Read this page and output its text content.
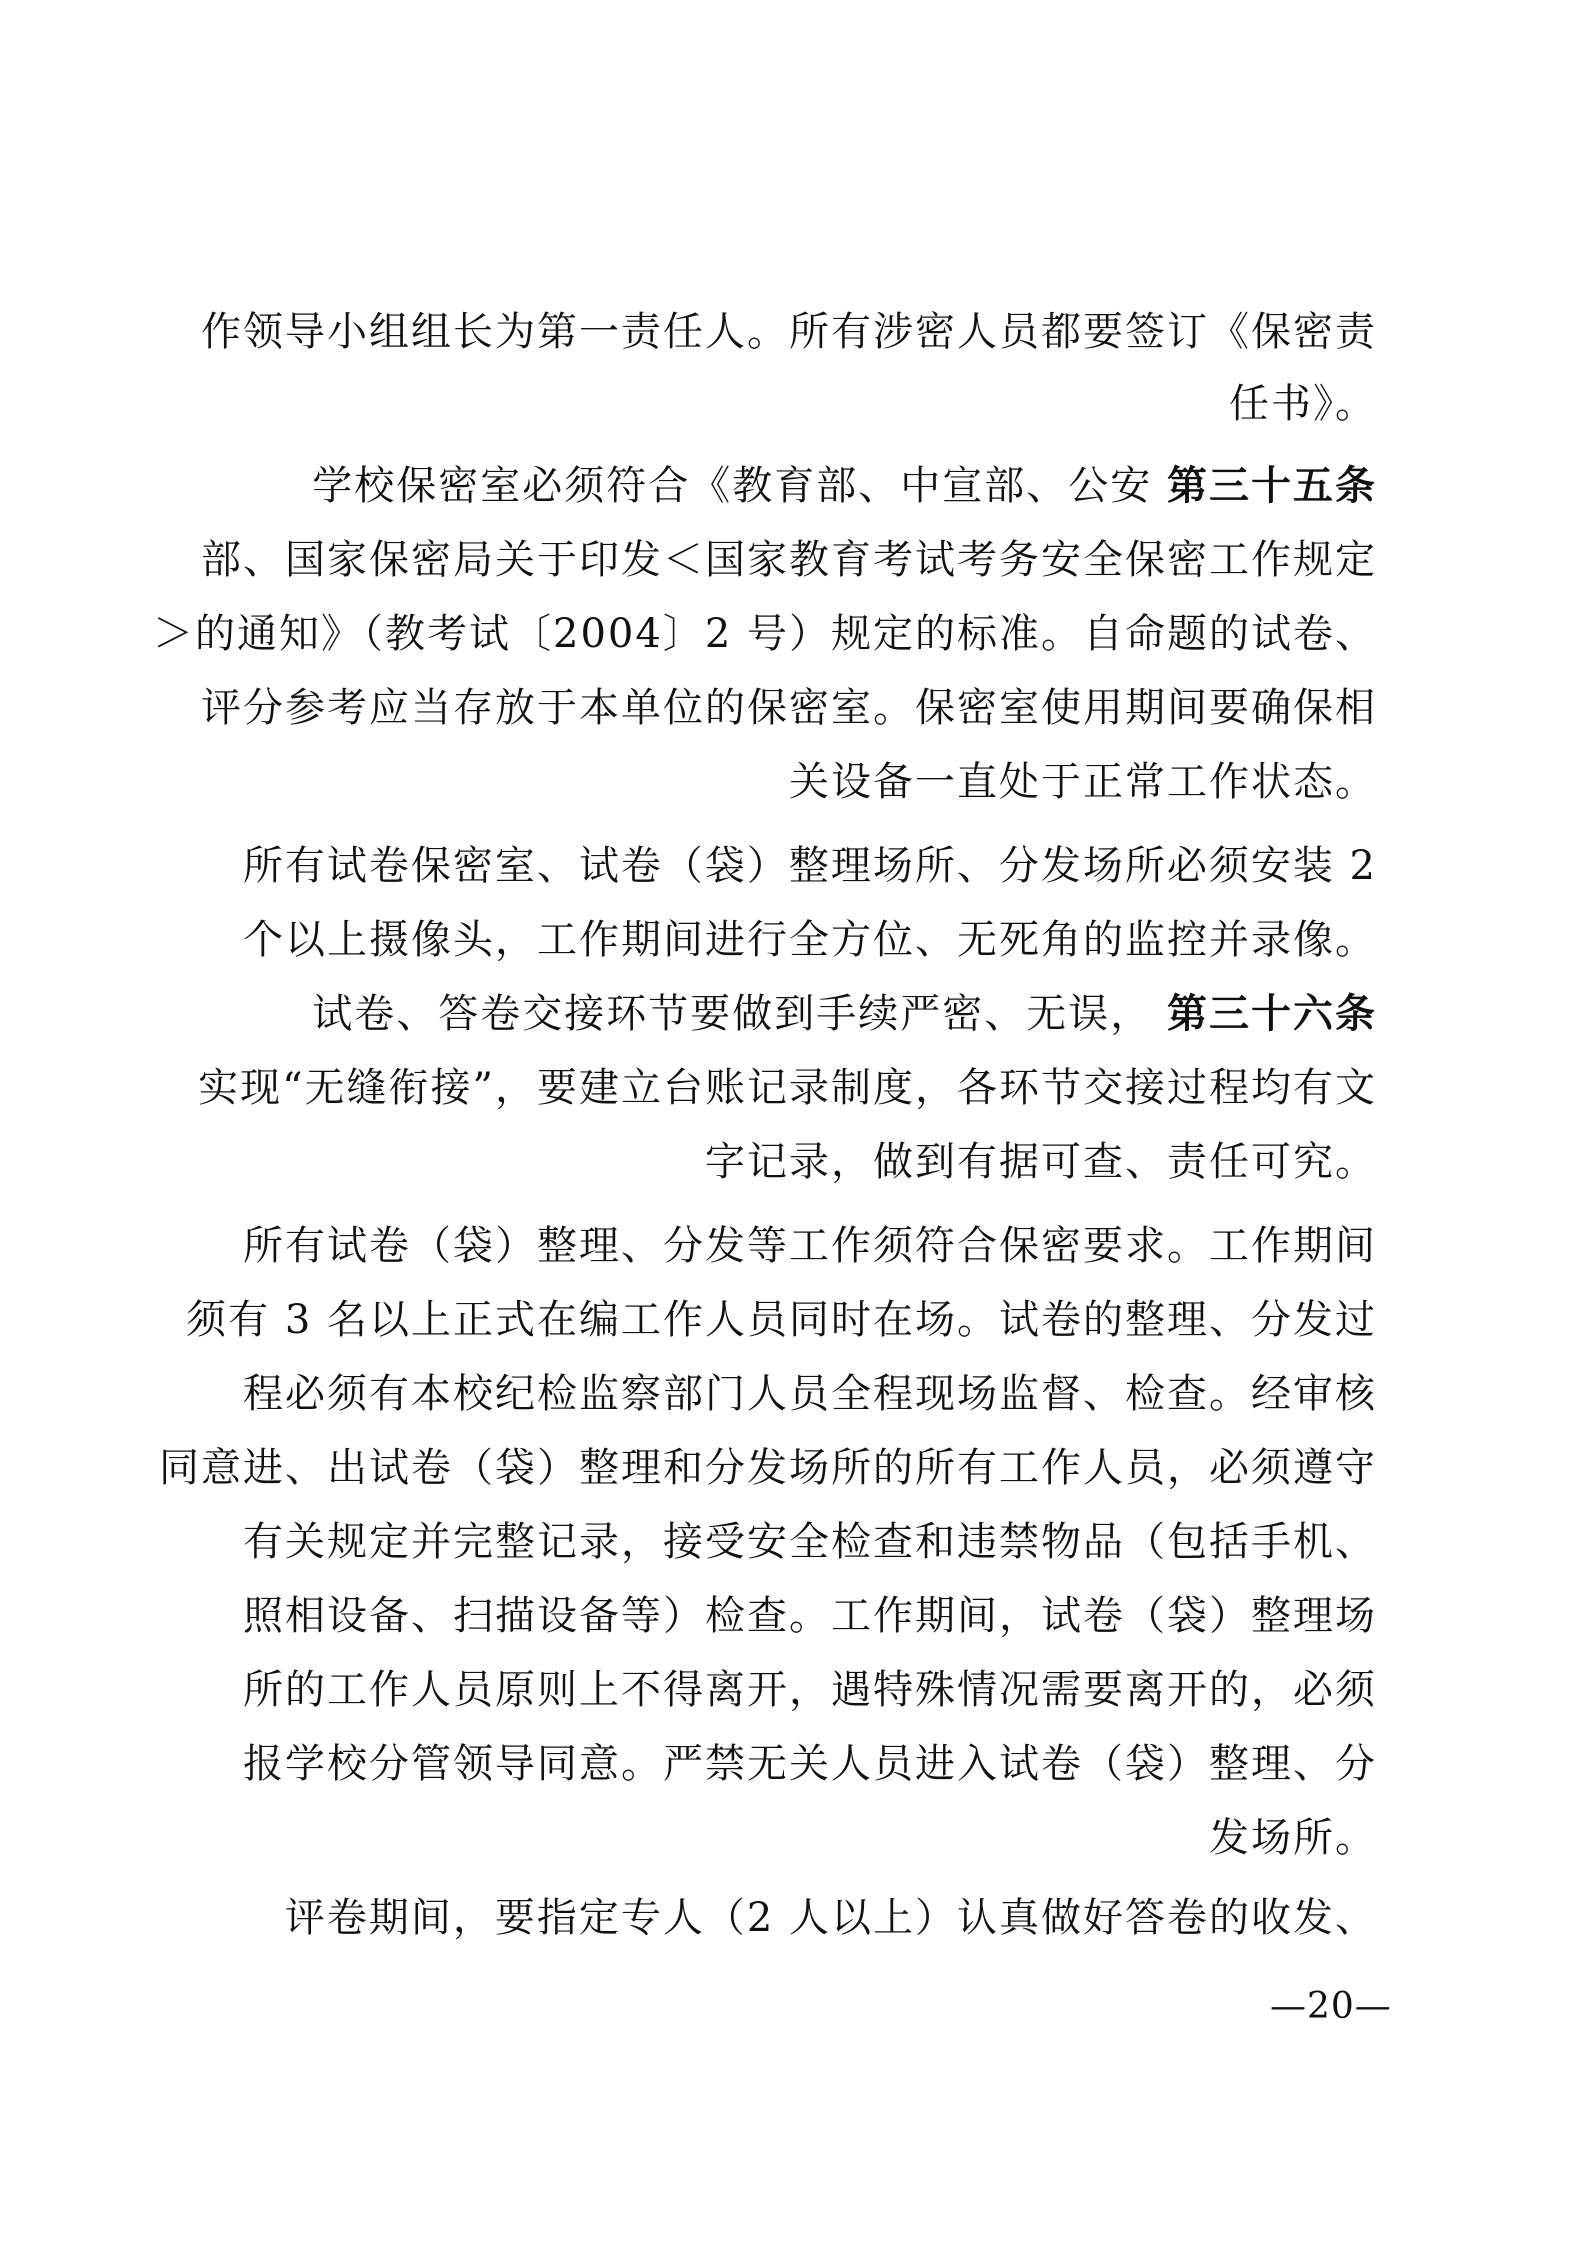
作领导小组组长为第一责任人。所有涉密人员都要签订《保密责
任书》。
学校保密室必须符合《教育部、中宣部、公安 第三十五条
部、国家保密局关于印发＜国家教育考试考务安全保密工作规定
＞的通知》（教考试〔2004〕2 号）规定的标准。自命题的试卷、
评分参考应当存放于本单位的保密室。保密室使用期间要确保相
关设备一直处于正常工作状态。
所有试卷保密室、试卷（袋）整理场所、分发场所必须安装 2
个以上摄像头，工作期间进行全方位、无死角的监控并录像。
试卷、答卷交接环节要做到手续严密、无误， 第三十六条
实现“无缝衔接”，要建立台账记录制度，各环节交接过程均有文
字记录，做到有据可查、责任可究。
所有试卷（袋）整理、分发等工作须符合保密要求。工作期间
须有 3 名以上正式在编工作人员同时在场。试卷的整理、分发过
程必须有本校纪检监察部门人员全程现场监督、检查。经审核
同意进、出试卷（袋）整理和分发场所的所有工作人员，必须遵守
有关规定并完整记录，接受安全检查和违禁物品（包括手机、
照相设备、扫描设备等）检查。工作期间，试卷（袋）整理场
所的工作人员原则上不得离开，遇特殊情况需要离开的，必须
报学校分管领导同意。严禁无关人员进入试卷（袋）整理、分
发场所。
评卷期间，要指定专人（2 人以上）认真做好答卷的收发、
—20—
